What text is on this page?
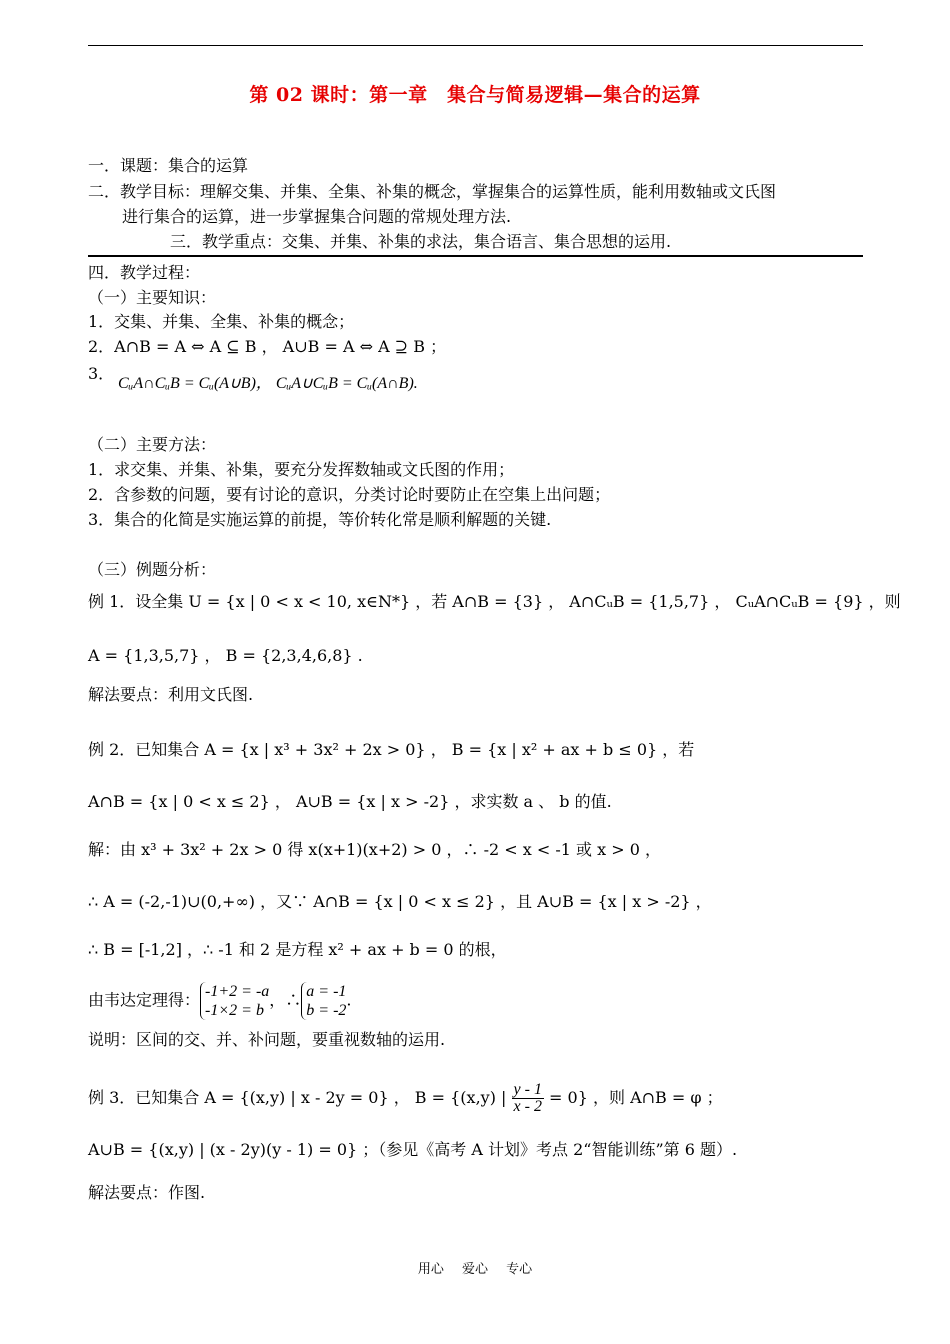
第 02 课时：第一章　集合与简易逻辑—集合的运算
一．课题：集合的运算
二．教学目标：理解交集、并集、全集、补集的概念，掌握集合的运算性质，能利用数轴或文氏图
进行集合的运算，进一步掌握集合问题的常规处理方法.
三．教学重点：交集、并集、补集的求法，集合语言、集合思想的运用.
四．教学过程：
（一）主要知识：
1．交集、并集、全集、补集的概念；
2．A∩B = A ⇔ A ⊆ B ， A∪B = A ⇔ A ⊇ B ；
3．
CᵤA∩CᵤB = Cᵤ(A∪B)， CᵤA∪CᵤB = Cᵤ(A∩B).
（二）主要方法：
1．求交集、并集、补集，要充分发挥数轴或文氏图的作用；
2．含参数的问题，要有讨论的意识，分类讨论时要防止在空集上出问题；
3．集合的化简是实施运算的前提，等价转化常是顺利解题的关键.
（三）例题分析：
例 1．设全集 U = {x | 0 < x < 10, x∈N*} ，若 A∩B = {3} ， A∩CᵤB = {1,5,7} ， CᵤA∩CᵤB = {9} ，则
A = {1,3,5,7} ， B = {2,3,4,6,8} .
解法要点：利用文氏图.
例 2．已知集合 A = {x | x³ + 3x² + 2x > 0} ， B = {x | x² + ax + b ≤ 0} ，若
A∩B = {x | 0 < x ≤ 2} ， A∪B = {x | x > -2} ，求实数 a 、 b 的值.
解：由 x³ + 3x² + 2x > 0 得 x(x+1)(x+2) > 0 ，∴ -2 < x < -1 或 x > 0 ，
∴ A = (-2,-1)∪(0,+∞) ，又∵ A∩B = {x | 0 < x ≤ 2} ，且 A∪B = {x | x > -2} ，
∴ B = [-1,2] ，∴ -1 和 2 是方程 x² + ax + b = 0 的根，
由韦达定理得： -1+2 = -a
-1×2 = b
，∴ a = -1
b = -2
.
说明：区间的交、并、补问题，要重视数轴的运用.
例 3．已知集合 A = {(x,y) | x - 2y = 0} ， B = {(x,y) | $\frac{y - 1}{x - 2} = 0$} ，则 A∩B = φ ；
A∪B = {(x,y) | (x - 2y)(y - 1) = 0} ；（参见《高考 A 计划》考点 2“智能训练”第 6 题）.
解法要点：作图.
用心 爱心 专心
